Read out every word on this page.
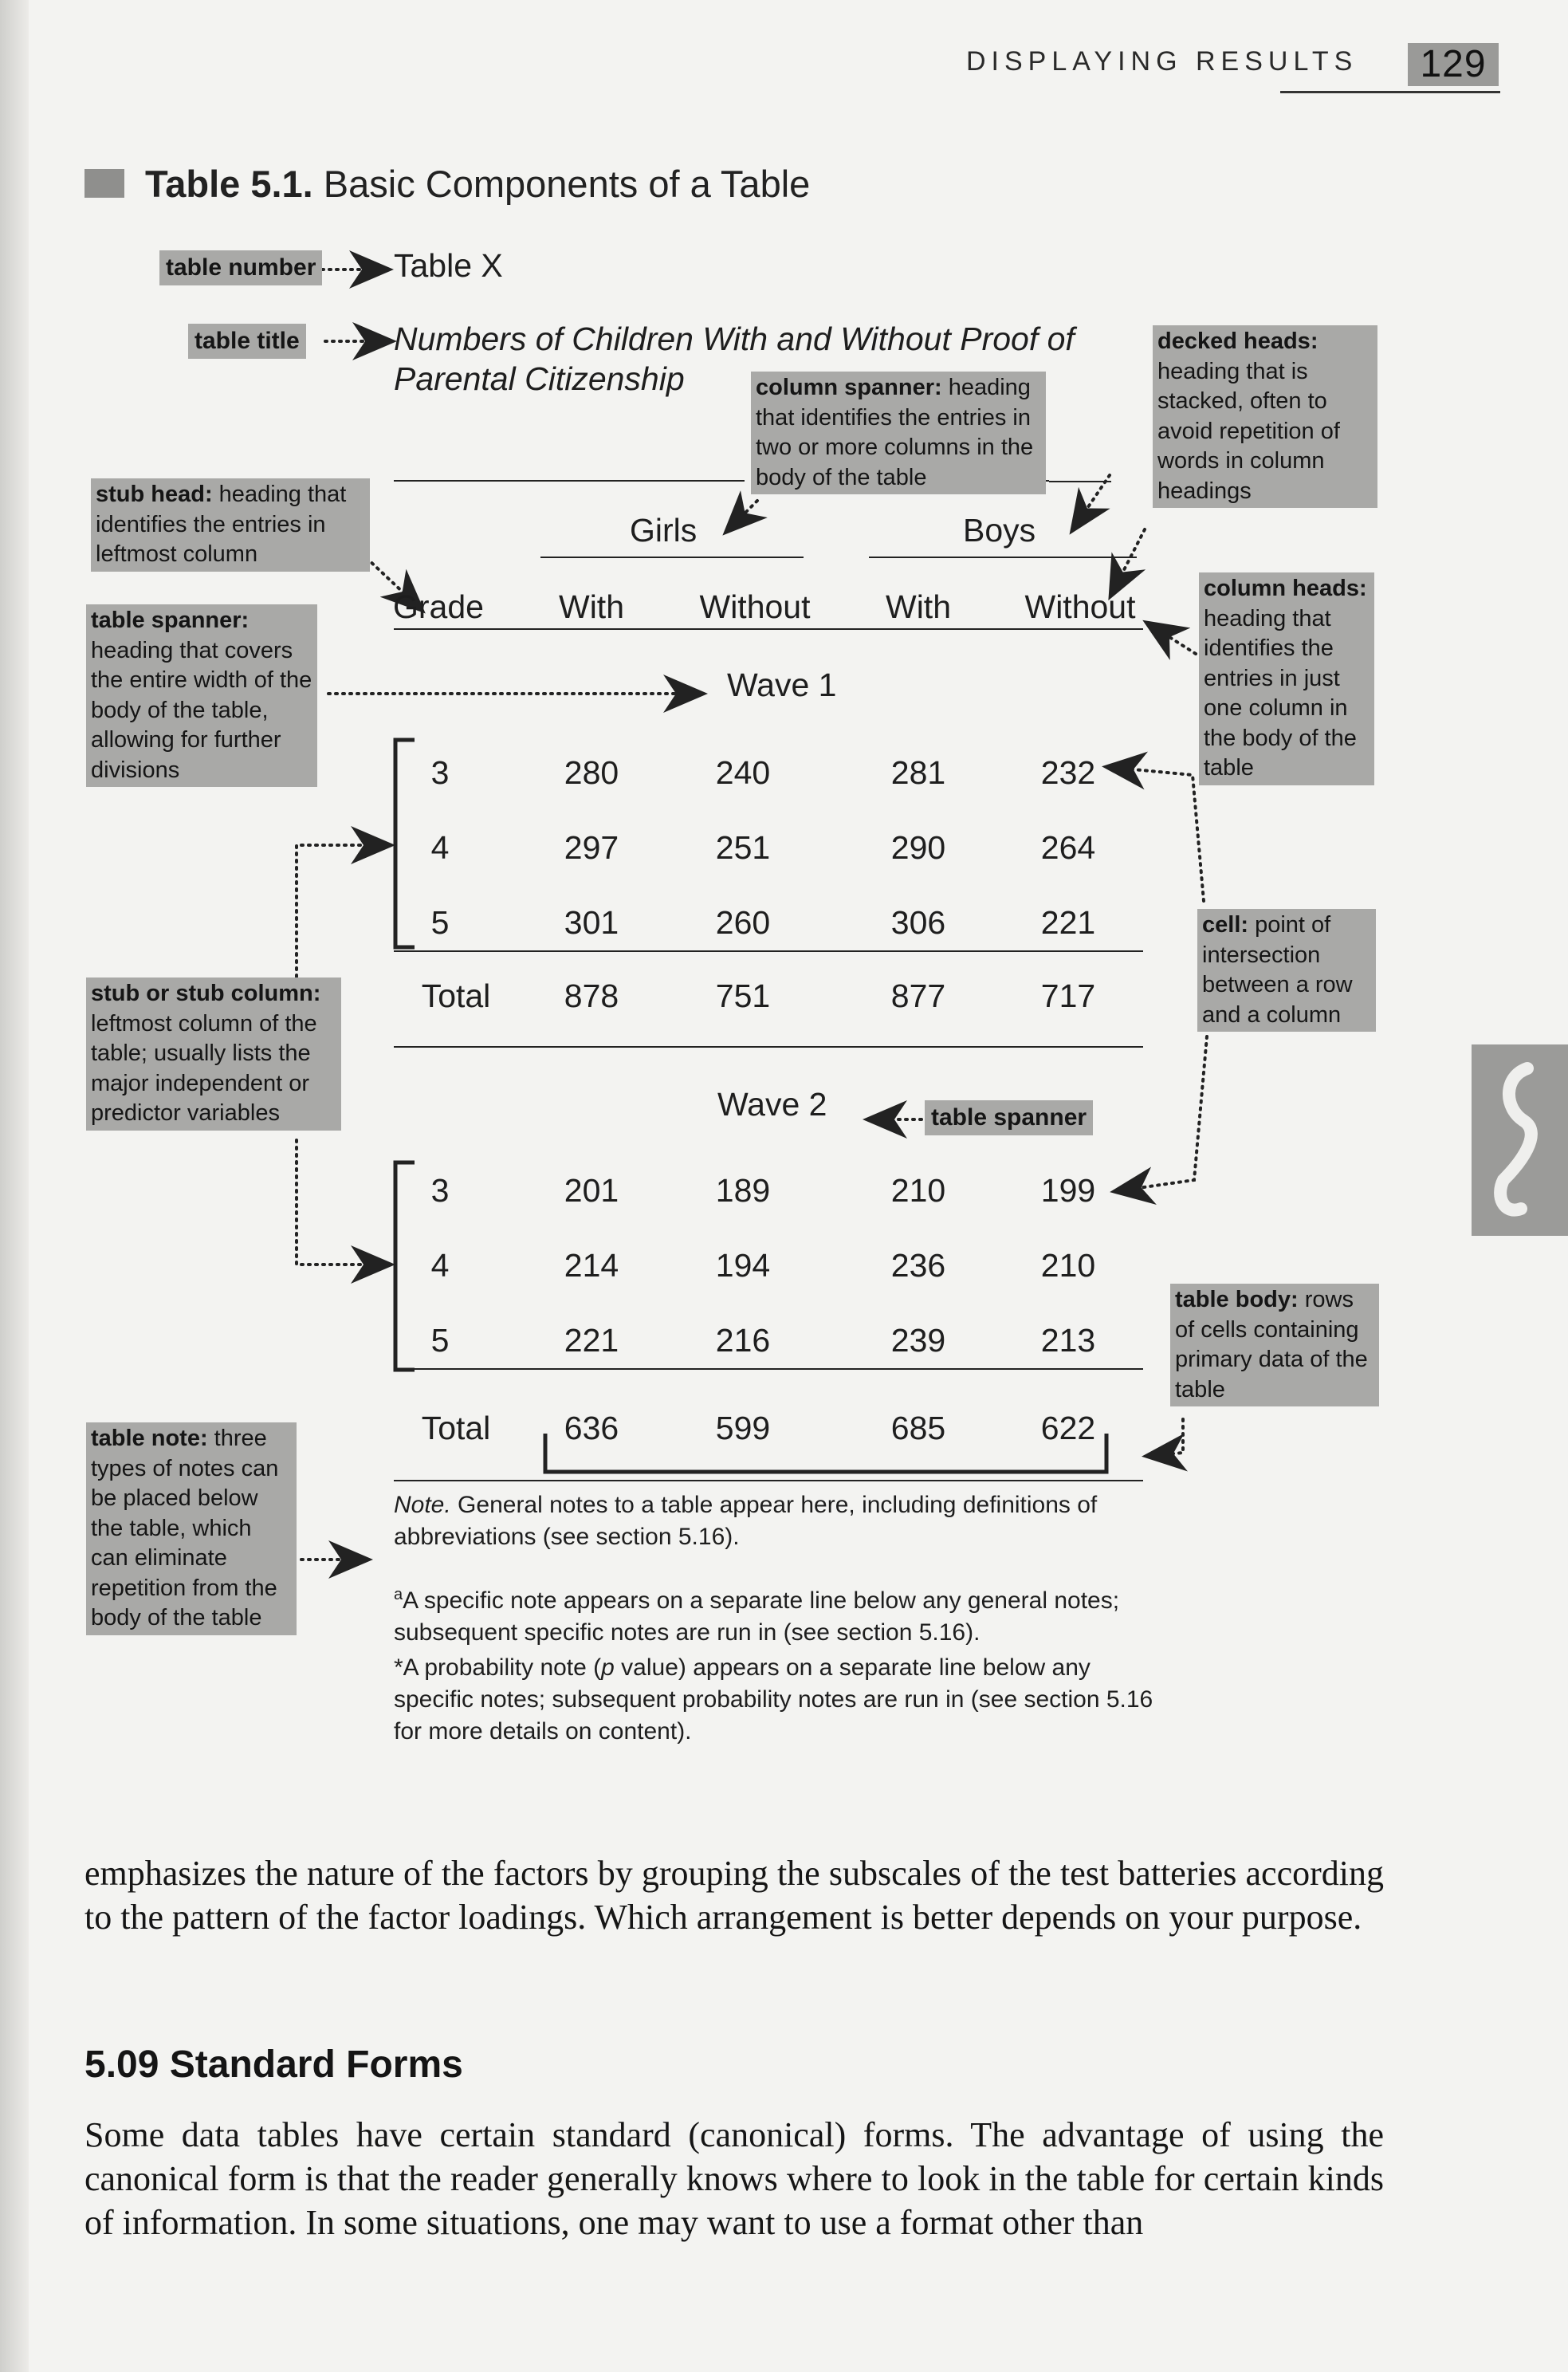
DISPLAYING RESULTS	129
Table 5.1. Basic Components of a Table
table number
table title
stub head: heading that identifies the entries in leftmost column
table spanner: heading that covers the entire width of the body of the table, allowing for further divisions
stub or stub column: leftmost column of the table; usually lists the major independent or predictor variables
table note: three types of notes can be placed below the table, which can eliminate repetition from the body of the table
column spanner: heading that identifies the entries in two or more columns in the body of the table
decked heads: heading that is stacked, often to avoid repetition of words in column headings
column heads: heading that identifies the entries in just one column in the body of the table
cell: point of intersection between a row and a column
table body: rows of cells containing primary data of the table
table spanner
Table X
Numbers of Children With and Without Proof of
Parental Citizenship
Girls	Boys
Grade	With	Without	With	Without
Wave 1
3	280	240	281	232
4	297	251	290	264
5	301	260	306	221
Total	878	751	877	717
Wave 2
3	201	189	210	199
4	214	194	236	210
5	221	216	239	213
Total	636	599	685	622
Note. General notes to a table appear here, including definitions of abbreviations (see section 5.16).
$^a$A specific note appears on a separate line below any general notes; subsequent specific notes are run in (see section 5.16).
*A probability note (p value) appears on a separate line below any specific notes; subsequent probability notes are run in (see section 5.16 for more details on content).
emphasizes the nature of the factors by grouping the subscales of the test batteries according to the pattern of the factor loadings. Which arrangement is better depends on your purpose.
5.09 Standard Forms
Some data tables have certain standard (canonical) forms. The advantage of using the canonical form is that the reader generally knows where to look in the table for certain kinds of information. In some situations, one may want to use a format other than
